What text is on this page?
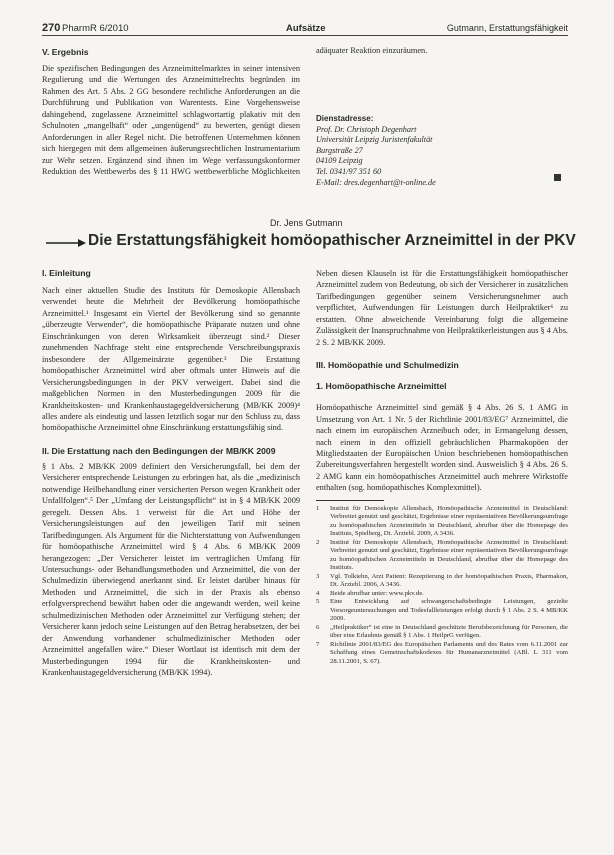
270 PharmR 6/2010	Aufsätze	Gutmann, Erstattungsfähigkeit
V. Ergebnis

Die spezifischen Bedingungen des Arzneimittelmarktes in seiner intensiven Regulierung und die Wertungen des Arzneimittelrechts begründen im Rahmen des Art. 5 Abs. 2 GG besondere rechtliche Anforderungen an die Durchführung und Publikation von Warentests. Eine Vorgehensweise dahingehend, zugelassene Arzneimittel schlagwortartig plakativ mit den Schulnoten „mangelhaft“ oder „ungenügend“ zu bewerten, genügt diesen Anforderungen in aller Regel nicht. Die betroffenen Unternehmen können sich hiergegen mit dem allgemeinen äußerungsrechtlichen Instrumentarium zur Wehr setzen. Ergänzend sind ihnen im Wege verfassungskonformer Reduktion des Wettbewerbs des § 11 HWG wettbewerbliche Möglichkeiten

adäquater Reaktion einzuräumen.

Dienstadresse:
Prof. Dr. Christoph Degenhart
Universität Leipzig Juristenfakultät
Burgstraße 27
04109 Leipzig
Tel. 0341/97 351 60
E-Mail: dres.degenhart@t-online.de
Dr. Jens Gutmann
Die Erstattungsfähigkeit homöopathischer Arzneimittel in der PKV
I. Einleitung

Nach einer aktuellen Studie des Instituts für Demoskopie Allensbach verwendet heute die Mehrheit der Bevölkerung homöopathische Arzneimittel.¹ Insgesamt ein Viertel der Bevölkerung sind so genannte „überzeugte Verwender“, die homöopathische Präparate nutzen und ohne Einschränkungen von deren Wirksamkeit überzeugt sind.² Dieser zunehmenden Nachfrage steht eine entsprechende Verschreibungspraxis insbesondere der Allgemeinärzte gegenüber.³ Die Erstattung homöopathischer Arzneimittel wird aber oftmals unter Hinweis auf die Versicherungsbedingungen in der PKV verweigert. Dabei sind die maßgeblichen Normen in den Musterbedingungen 2009 für die Krankheitskosten- und Krankenhaustagegeldversicherung (MB/KK 2009)⁴ alles andere als eindeutig und lassen letztlich sogar nur den Schluss zu, dass homöopathische Arzneimittel ohne Einschränkung erstattungsfähig sind.

II. Die Erstattung nach den Bedingungen der MB/KK 2009

§ 1 Abs. 2 MB/KK 2009 definiert den Versicherungsfall, bei dem der Versicherer entsprechende Leistungen zu erbringen hat, als die „medizinisch notwendige Heilbehandlung einer versicherten Person wegen Krankheit oder Unfallfolgen“.⁵ Der „Umfang der Leistungspflicht“ ist in § 4 MB/KK 2009 geregelt. Dessen Abs. 1 verweist für die Art und Höhe der Versicherungsleistungen auf den jeweiligen Tarif mit seinen Tarifbedingungen. Als Argument für die Nichterstattung von Aufwendungen für homöopathische Arzneimittel wird § 4 Abs. 6 MB/KK 2009 herangezogen: „Der Versicherer leistet im vertraglichen Umfang für Untersuchungs- oder Behandlungsmethoden und Arzneimittel, die von der Schulmedizin überwiegend anerkannt sind. Er leistet darüber hinaus für Methoden und Arzneimittel, die sich in der Praxis als ebenso erfolgversprechend bewährt haben oder die angewandt werden, weil keine schulmedizinischen Methoden oder Arzneimittel zur Verfügung stehen; der Versicherer kann jedoch seine Leistungen auf den Betrag herabsetzen, der bei der Anwendung vorhandener schulmedizinischer Methoden oder Arzneimittel angefallen wäre.“ Dieser Wortlaut ist identisch mit dem der Musterbedingungen 1994 für die Krankheitskosten- und Krankenhaustagegeldversicherung (MB/KK 1994).

Neben diesen Klauseln ist für die Erstattungsfähigkeit homöopathischer Arzneimittel zudem von Bedeutung, ob sich der Versicherer in zusätzlichen Tarifbedingungen gegenüber seinem Versicherungsnehmer auch verpflichtet, Aufwendungen für Leistungen durch Heilpraktiker⁶ zu erstatten. Ohne abweichende Vereinbarung folgt die allgemeine Zulässigkeit der Inanspruchnahme von Heilpraktikerleistungen aus § 4 Abs. 2 S. 2 MB/KK 2009.

III. Homöopathie und Schulmedizin
1. Homöopathische Arzneimittel

Homöopathische Arzneimittel sind gemäß § 4 Abs. 26 S. 1 AMG in Umsetzung von Art. 1 Nr. 5 der Richtlinie 2001/83/EG⁷ Arzneimittel, die nach einem im europäischen Arzneibuch oder, in Ermangelung dessen, nach einem in den offiziell gebräuchlichen Pharmakopöen der Mitgliedstaaten der Europäischen Union beschriebenen homöopathischen Zubereitungsverfahren hergestellt worden sind. Ausweislich § 4 Abs. 26 S. 2 AMG kann ein homöopathisches Arzneimittel auch mehrere Wirkstoffe enthalten (sog. homöopathisches Komplexmittel).

1 Institut für Demoskopie Allensbach, Homöopathische Arzneimittel in Deutschland: Verbreitet genutzt und geschätzt, Ergebnisse einer repräsentativen Bevölkerungsumfrage zu homöopathischen Arzneimitteln in Deutschland, abrufbar über die Homepage des Instituts, Spielberg, Dt. Ärztebl. 2009, A 3436.
2 Institut für Demoskopie Allensbach, Homöopathische Arzneimittel in Deutschland: Verbreitet genutzt und geschätzt, Ergebnisse einer repräsentativen Bevölkerungsumfrage zu homöopathischen Arzneimitteln in Deutschland, abrufbar über die Homepage des Instituts.
3 Vgl. Tolkiehn, Arzt Patient: Rezeptierung in der homöopathischen Praxis, Pharmakon, Dt. Ärztebl. 2006, A 3436.
4 Beide abrufbar unter: www.pkv.de.
5 Eine Entwicklung auf schwangerschaftsbedingte Leistungen, gezielte Vorsorgeuntersuchungen und Todesfallleistungen erfolgt durch § 1 Abs. 2 S. 4 MB/KK 2009.
6 „Heilpraktiker“ ist eine in Deutschland geschützte Berufsbezeichnung für Personen, die über eine Erlaubnis gemäß § 1 Abs. 1 HeilprG verfügen.
7 Richtlinie 2001/83/EG des Europäischen Parlaments und des Rates vom 6.11.2001 zur Schaffung eines Gemeinschaftskodexes für Humanarzneimittel (ABl. L 311 vom 28.11.2001, S. 67).
